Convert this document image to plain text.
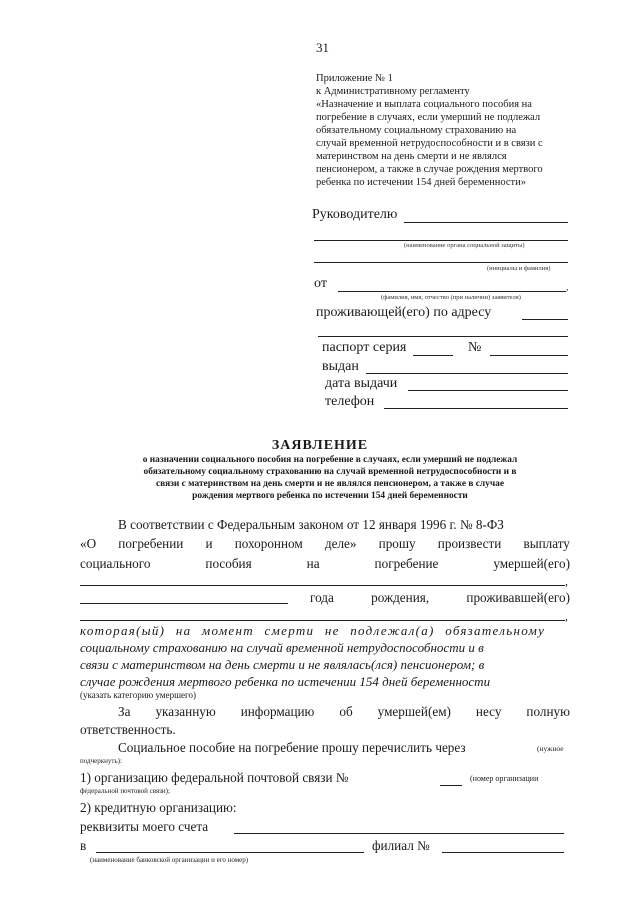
31
Приложение № 1
к Административному регламенту
«Назначение и выплата социального пособия на
погребение в случаях, если умерший не подлежал
обязательному социальному страхованию на
случай временной нетрудоспособности и в связи с
материнством на день смерти и не являлся
пенсионером, а также в случае рождения мертвого
ребенка по истечении 154 дней беременности»
Руководителю
(наименование органа социальной защиты)
(инициалы и фамилия)
от	,
(фамилия, имя, отчество (при наличии) заявителя)
проживающей(его) по адресу
паспорт серия	№
выдан
дата выдачи
телефон
ЗАЯВЛЕНИЕ
о назначении социального пособия на погребение в случаях, если умерший не подлежал
обязательному социальному страхованию на случай временной нетрудоспособности и в
связи с материнством на день смерти и не являлся пенсионером, а также в случае
рождения мертвого ребенка по истечении 154 дней беременности
В соответствии с Федеральным законом от 12 января 1996 г. № 8-ФЗ
«О погребении и похоронном деле» прошу произвести выплату
социального	пособия	на	погребение	умершей(его)
,
года	рождения,	проживавшей(его)
,
которая(ый) на момент смерти не подлежал(а) обязательному
социальному страхованию на случай временной нетрудоспособности и в
связи с материнством на день смерти и не являлась(лся) пенсионером; в
случае рождения мертвого ребенка по истечении 154 дней беременности
(указать категорию умершего)
За указанную информацию об умершей(ем) несу полную
ответственность.
Социальное пособие на погребение прошу перечислить через	(нужное
подчеркнуть):
1) организацию федеральной почтовой связи №	(номер организации
федеральной почтовой связи);
2) кредитную организацию:
реквизиты моего счета
в	филиал №
(наименование банковской организации и его номер)
